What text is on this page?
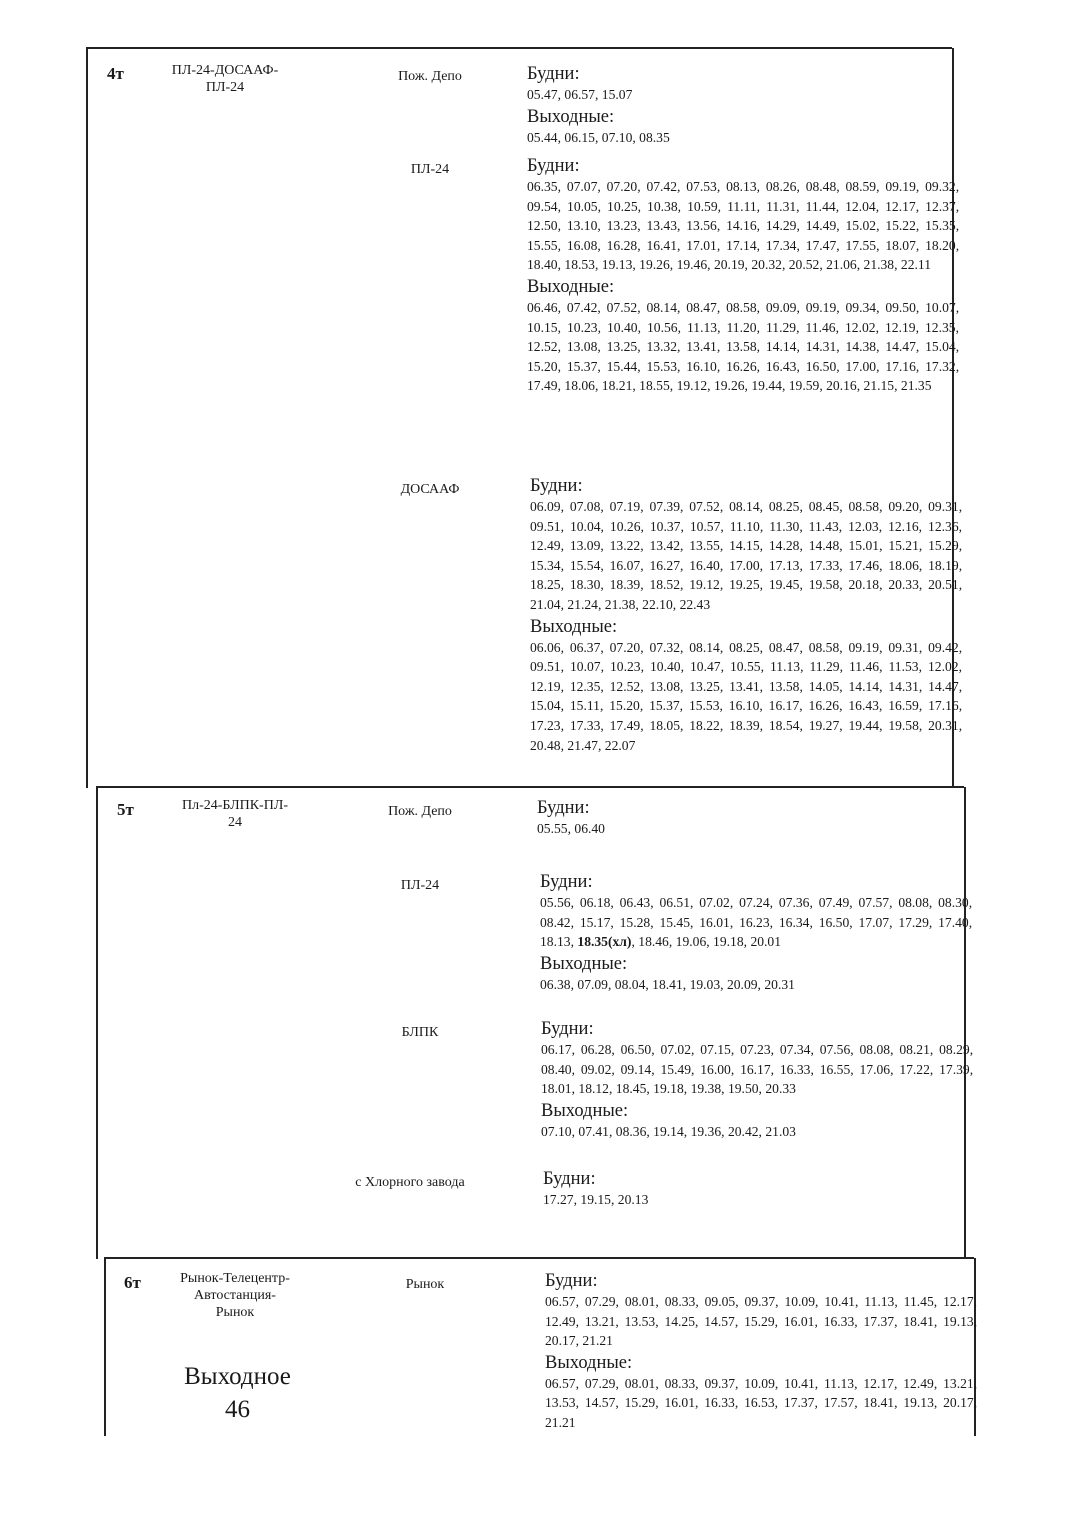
4т	ПЛ-24-ДОСААФ-
ПЛ-24
Пож. Депо	Будни:
05.47, 06.57, 15.07
Выходные:
05.44, 06.15, 07.10, 08.35
ПЛ-24	Будни:
06.35, 07.07, 07.20, 07.42, 07.53, 08.13, 08.26, 08.48, 08.59, 09.19, 09.32, 09.54, 10.05, 10.25, 10.38, 10.59, 11.11, 11.31, 11.44, 12.04, 12.17, 12.37, 12.50, 13.10, 13.23, 13.43, 13.56, 14.16, 14.29, 14.49, 15.02, 15.22, 15.35, 15.55, 16.08, 16.28, 16.41, 17.01, 17.14, 17.34, 17.47, 17.55, 18.07, 18.20, 18.40, 18.53, 19.13, 19.26, 19.46, 20.19, 20.32, 20.52, 21.06, 21.38, 22.11
Выходные:
06.46, 07.42, 07.52, 08.14, 08.47, 08.58, 09.09, 09.19, 09.34, 09.50, 10.07, 10.15, 10.23, 10.40, 10.56, 11.13, 11.20, 11.29, 11.46, 12.02, 12.19, 12.35, 12.52, 13.08, 13.25, 13.32, 13.41, 13.58, 14.14, 14.31, 14.38, 14.47, 15.04, 15.20, 15.37, 15.44, 15.53, 16.10, 16.26, 16.43, 16.50, 17.00, 17.16, 17.32, 17.49, 18.06, 18.21, 18.55, 19.12, 19.26, 19.44, 19.59, 20.16, 21.15, 21.35
ДОСААФ	Будни:
06.09, 07.08, 07.19, 07.39, 07.52, 08.14, 08.25, 08.45, 08.58, 09.20, 09.31, 09.51, 10.04, 10.26, 10.37, 10.57, 11.10, 11.30, 11.43, 12.03, 12.16, 12.36, 12.49, 13.09, 13.22, 13.42, 13.55, 14.15, 14.28, 14.48, 15.01, 15.21, 15.29, 15.34, 15.54, 16.07, 16.27, 16.40, 17.00, 17.13, 17.33, 17.46, 18.06, 18.19, 18.25, 18.30, 18.39, 18.52, 19.12, 19.25, 19.45, 19.58, 20.18, 20.33, 20.51, 21.04, 21.24, 21.38, 22.10, 22.43
Выходные:
06.06, 06.37, 07.20, 07.32, 08.14, 08.25, 08.47, 08.58, 09.19, 09.31, 09.42, 09.51, 10.07, 10.23, 10.40, 10.47, 10.55, 11.13, 11.29, 11.46, 11.53, 12.02, 12.19, 12.35, 12.52, 13.08, 13.25, 13.41, 13.58, 14.05, 14.14, 14.31, 14.47, 15.04, 15.11, 15.20, 15.37, 15.53, 16.10, 16.17, 16.26, 16.43, 16.59, 17.16, 17.23, 17.33, 17.49, 18.05, 18.22, 18.39, 18.54, 19.27, 19.44, 19.58, 20.31, 20.48, 21.47, 22.07
5т	Пл-24-БЛПК-ПЛ-
24
Пож. Депо	Будни:
05.55, 06.40
ПЛ-24	Будни:
05.56, 06.18, 06.43, 06.51, 07.02, 07.24, 07.36, 07.49, 07.57, 08.08, 08.30, 08.42, 15.17, 15.28, 15.45, 16.01, 16.23, 16.34, 16.50, 17.07, 17.29, 17.40, 18.13, 18.35(хл), 18.46, 19.06, 19.18, 20.01
Выходные:
06.38, 07.09, 08.04, 18.41, 19.03, 20.09, 20.31
БЛПК	Будни:
06.17, 06.28, 06.50, 07.02, 07.15, 07.23, 07.34, 07.56, 08.08, 08.21, 08.29, 08.40, 09.02, 09.14, 15.49, 16.00, 16.17, 16.33, 16.55, 17.06, 17.22, 17.39, 18.01, 18.12, 18.45, 19.18, 19.38, 19.50, 20.33
Выходные:
07.10, 07.41, 08.36, 19.14, 19.36, 20.42, 21.03
с Хлорного завода	Будни:
17.27, 19.15, 20.13
6т	Рынок-Телецентр-
Автостанция-
Рынок
Рынок	Будни:
06.57, 07.29, 08.01, 08.33, 09.05, 09.37, 10.09, 10.41, 11.13, 11.45, 12.17, 12.49, 13.21, 13.53, 14.25, 14.57, 15.29, 16.01, 16.33, 17.37, 18.41, 19.13, 20.17, 21.21
Выходные:
06.57, 07.29, 08.01, 08.33, 09.37, 10.09, 10.41, 11.13, 12.17, 12.49, 13.21, 13.53, 14.57, 15.29, 16.01, 16.33, 16.53, 17.37, 17.57, 18.41, 19.13, 20.17, 21.21
Выходное
46
